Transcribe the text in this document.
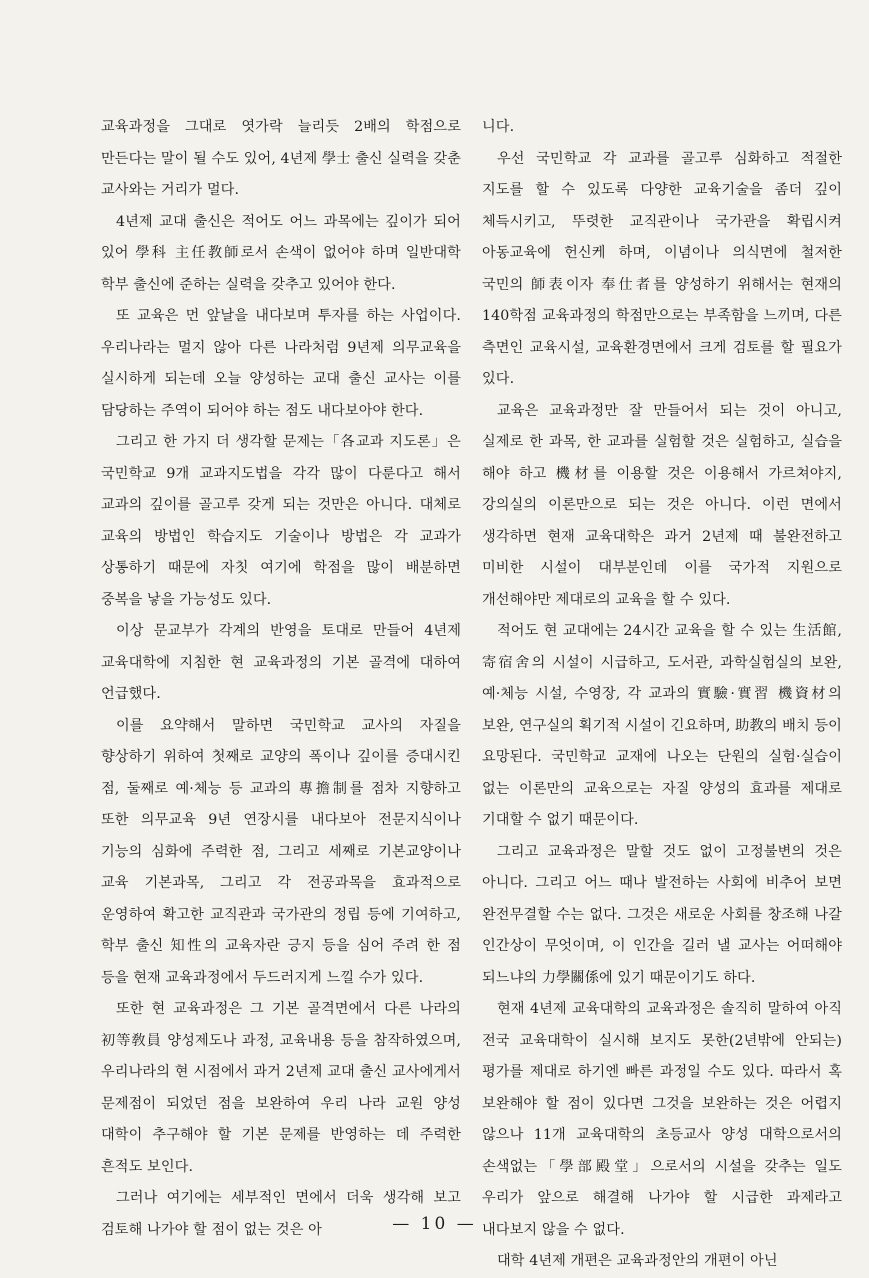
교육과정을 그대로 엿가락 늘리듯 2배의 학점으로 만든다는 말이 될 수도 있어, 4년제 學士 출신 실력을 갖춘 교사와는 거리가 멀다.

4년제 교대 출신은 적어도 어느 과목에는 깊이가 되어 있어 學科 主任教師로서 손색이 없어야 하며 일반대학 학부 출신에 준하는 실력을 갖추고 있어야 한다.

또 교육은 먼 앞날을 내다보며 투자를 하는 사업이다. 우리나라는 멀지 않아 다른 나라처럼 9년제 의무교육을 실시하게 되는데 오늘 양성하는 교대 출신 교사는 이를 담당하는 주역이 되어야 하는 점도 내다보아야 한다.

그리고 한 가지 더 생각할 문제는「各교과 지도론」은 국민학교 9개 교과지도법을 각각 많이 다룬다고 해서 교과의 깊이를 골고루 갖게 되는 것만은 아니다. 대체로 교육의 방법인 학습지도 기술이나 방법은 각 교과가 상통하기 때문에 자칫 여기에 학점을 많이 배분하면 중복을 낳을 가능성도 있다.

이상 문교부가 각계의 반영을 토대로 만들어 4년제 교육대학에 지침한 현 교육과정의 기본 골격에 대하여 언급했다.

이를 요약해서 말하면 국민학교 교사의 자질을 향상하기 위하여 첫째로 교양의 폭이나 깊이를 증대시킨 점, 둘째로 예·체능 등 교과의 專擔制를 점차 지향하고 또한 의무교육 9년 연장시를 내다보아 전문지식이나 기능의 심화에 주력한 점, 그리고 세째로 기본교양이나 교육 기본과목, 그리고 각 전공과목을 효과적으로 운영하여 확고한 교직관과 국가관의 정립 등에 기여하고, 학부 출신 知性의 교육자란 긍지 등을 심어 주려 한 점 등을 현재 교육과정에서 두드러지게 느낄 수가 있다.

또한 현 교육과정은 그 기본 골격면에서 다른 나라의 初等敎員 양성제도나 과정, 교육내용 등을 참작하였으며, 우리나라의 현 시점에서 과거 2년제 교대 출신 교사에게서 문제점이 되었던 점을 보완하여 우리 나라 교원 양성 대학이 추구해야 할 기본 문제를 반영하는 데 주력한 흔적도 보인다.

그러나 여기에는 세부적인 면에서 더욱 생각해 보고 검토해 나가야 할 점이 없는 것은 아

니다.

우선 국민학교 각 교과를 골고루 심화하고 적절한 지도를 할 수 있도록 다양한 교육기술을 좀더 깊이 체득시키고, 뚜렷한 교직관이나 국가관을 확립시켜 아동교육에 헌신케 하며, 이념이나 의식면에 철저한 국민의 師表이자 奉仕者를 양성하기 위해서는 현재의 140학점 교육과정의 학점만으로는 부족함을 느끼며, 다른 측면인 교육시설, 교육환경면에서 크게 검토를 할 필요가 있다.

교육은 교육과정만 잘 만들어서 되는 것이 아니고, 실제로 한 과목, 한 교과를 실험할 것은 실험하고, 실습을 해야 하고 機材를 이용할 것은 이용해서 가르쳐야지, 강의실의 이론만으로 되는 것은 아니다. 이런 면에서 생각하면 현재 교육대학은 과거 2년제 때 불완전하고 미비한 시설이 대부분인데 이를 국가적 지원으로 개선해야만 제대로의 교육을 할 수 있다.

적어도 현 교대에는 24시간 교육을 할 수 있는 生活館, 寄宿舍의 시설이 시급하고, 도서관, 과학실험실의 보완, 예·체능 시설, 수영장, 각 교과의 實驗·實習 機資材의 보완, 연구실의 획기적 시설이 긴요하며, 助教의 배치 등이 요망된다. 국민학교 교재에 나오는 단원의 실험·실습이 없는 이론만의 교육으로는 자질 양성의 효과를 제대로 기대할 수 없기 때문이다.

그리고 교육과정은 말할 것도 없이 고정불변의 것은 아니다. 그리고 어느 때나 발전하는 사회에 비추어 보면 완전무결할 수는 없다. 그것은 새로운 사회를 창조해 나갈 인간상이 무엇이며, 이 인간을 길러 낼 교사는 어떠해야 되느냐의 力學關係에 있기 때문이기도 하다.

현재 4년제 교육대학의 교육과정은 솔직히 말하여 아직 전국 교육대학이 실시해 보지도 못한(2년밖에 안되는) 평가를 제대로 하기엔 빠른 과정일 수도 있다. 따라서 혹 보완해야 할 점이 있다면 그것을 보완하는 것은 어렵지 않으나 11개 교육대학의 초등교사 양성 대학으로서의 손색없는「學部殿堂」으로서의 시설을 갖추는 일도 우리가 앞으로 해결해 나가야 할 시급한 과제라고 내다보지 않을 수 없다.

대학 4년제 개편은 교육과정안의 개편이 아닌

— 10 —
